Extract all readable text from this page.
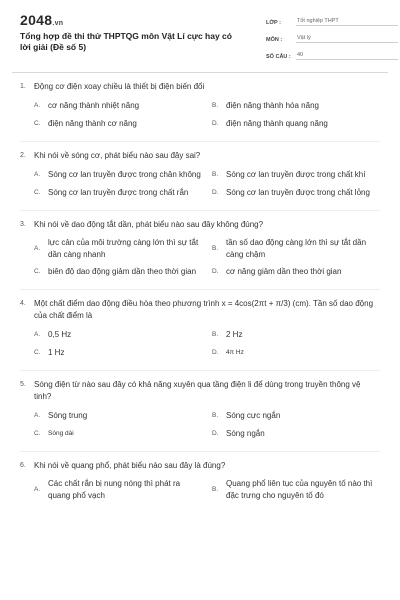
2048.vn
Tổng hợp đề thi thử THPTQG môn Vật Lí cực hay có lời giải (Đề số 5)
LỚP :	Tốt nghiệp THPT
MÔN :	Vật lý
SỐ CÂU :	40
1.	Động cơ điện xoay chiều là thiết bị điện biến đổi
A. cơ năng thành nhiệt năng	B. điện năng thành hóa năng
C. điện năng thành cơ năng	D. điện năng thành quang năng
2.	Khi nói về sóng cơ, phát biểu nào sau đây sai?
A. Sóng cơ lan truyền được trong chân không B. Sóng cơ lan truyền được trong chất khí
C. Sóng cơ lan truyền được trong chất rắn	D. Sóng cơ lan truyền được trong chất lỏng
3.	Khi nói về dao động tắt dần, phát biểu nào sau đây không đúng?
A.
lực cản của môi trường càng lớn thì sự tắt dần càng nhanh
B.
tần số dao động càng lớn thì sự tắt dần càng chậm
C. biên độ dao động giảm dần theo thời gian	D. cơ năng giảm dần theo thời gian
4.	Một chất điểm dao động điều hòa theo phương trình x = 4cos(2πt + π/3) (cm). Tần số dao động của chất điểm là
A. 0,5 Hz	B. 2 Hz
C. 1 Hz	D.	4π Hz
5.	Sóng điện từ nào sau đây có khả năng xuyên qua tầng điện li để dùng trong truyền thông vệ tinh?
A. Sóng trung	B. Sóng cực ngắn
C.	Sóng dài	D. Sóng ngắn
6.	Khi nói về quang phổ, phát biểu nào sau đây là đúng?
A.
Các chất rắn bị nung nóng thì phát ra quang phổ vạch
B.
Quang phổ liên tục của nguyên tố nào thì đặc trưng cho nguyên tố đó
